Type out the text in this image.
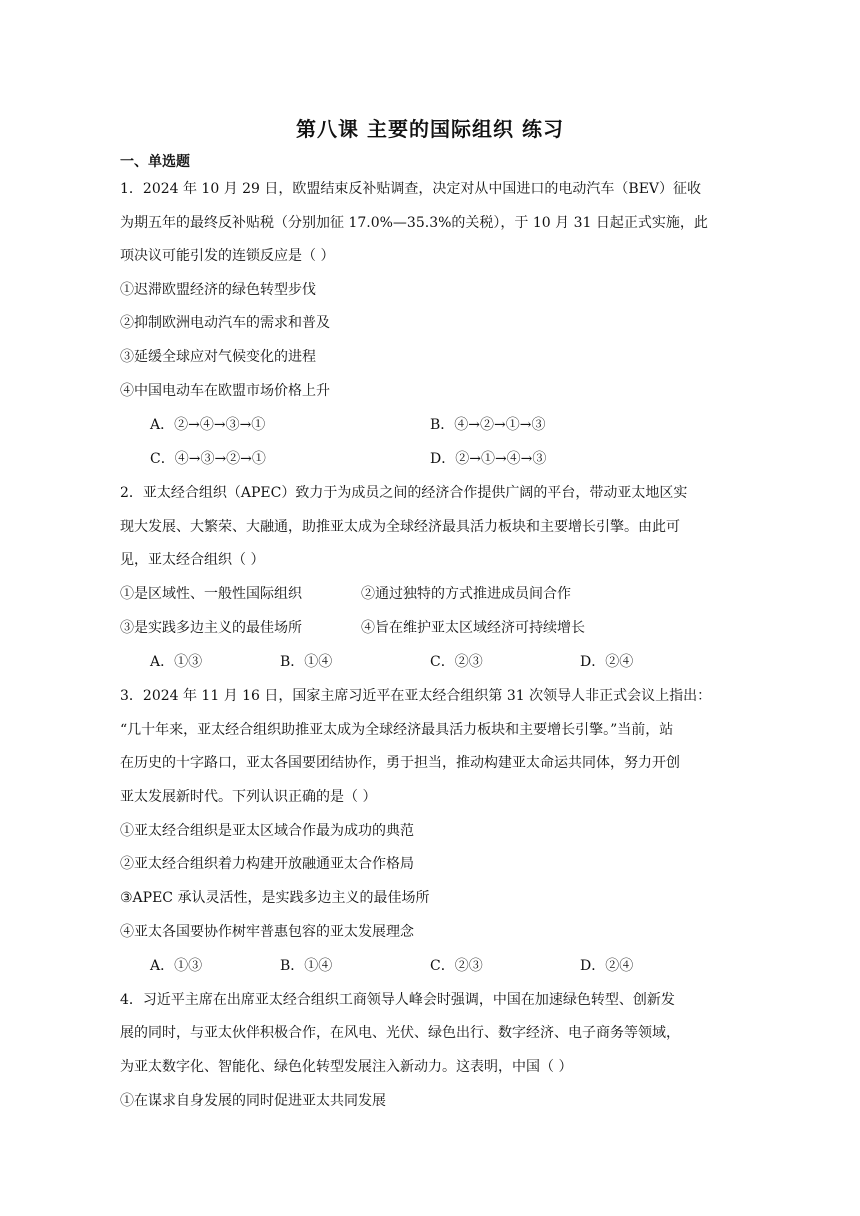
第八课 主要的国际组织 练习
一、单选题
1．2024 年 10 月 29 日，欧盟结束反补贴调查，决定对从中国进口的电动汽车（BEV）征收
为期五年的最终反补贴税（分别加征 17.0%—35.3%的关税），于 10 月 31 日起正式实施，此
项决议可能引发的连锁反应是（ ）
①迟滞欧盟经济的绿色转型步伐
②抑制欧洲电动汽车的需求和普及
③延缓全球应对气候变化的进程
④中国电动车在欧盟市场价格上升
A．②→④→③→①	B．④→②→①→③
C．④→③→②→①	D．②→①→④→③
2．亚太经合组织（APEC）致力于为成员之间的经济合作提供广阔的平台，带动亚太地区实
现大发展、大繁荣、大融通，助推亚太成为全球经济最具活力板块和主要增长引擎。由此可
见，亚太经合组织（ ）
①是区域性、一般性国际组织	②通过独特的方式推进成员间合作
③是实践多边主义的最佳场所	④旨在维护亚太区域经济可持续增长
A．①③	B．①④	C．②③	D．②④
3．2024 年 11 月 16 日，国家主席习近平在亚太经合组织第 31 次领导人非正式会议上指出：
“几十年来，亚太经合组织助推亚太成为全球经济最具活力板块和主要增长引擎。”当前，站
在历史的十字路口，亚太各国要团结协作，勇于担当，推动构建亚太命运共同体，努力开创
亚太发展新时代。下列认识正确的是（ ）
①亚太经合组织是亚太区域合作最为成功的典范
②亚太经合组织着力构建开放融通亚太合作格局
③APEC 承认灵活性，是实践多边主义的最佳场所
④亚太各国要协作树牢普惠包容的亚太发展理念
A．①③	B．①④	C．②③	D．②④
4．习近平主席在出席亚太经合组织工商领导人峰会时强调，中国在加速绿色转型、创新发
展的同时，与亚太伙伴积极合作，在风电、光伏、绿色出行、数字经济、电子商务等领域，
为亚太数字化、智能化、绿色化转型发展注入新动力。这表明，中国（ ）
①在谋求自身发展的同时促进亚太共同发展
